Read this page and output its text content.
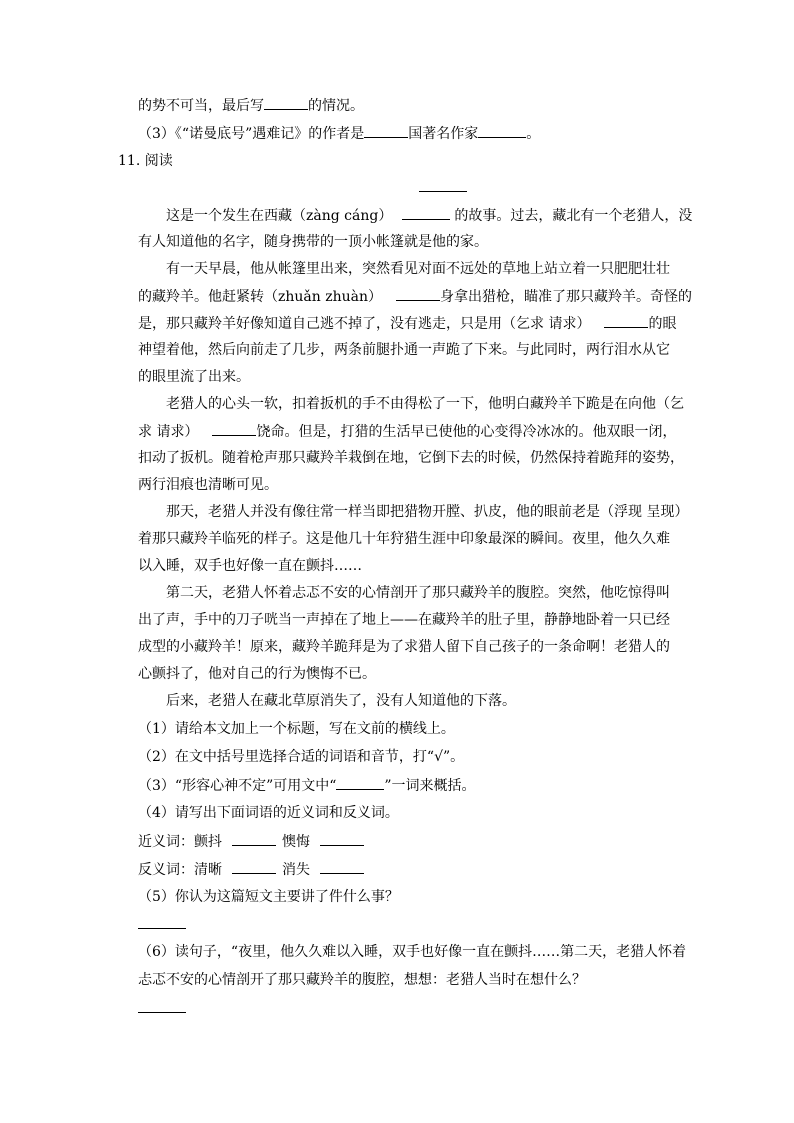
的势不可当，最后写	的情况。
（3）《“诺曼底号”遇难记》的作者是	国著名作家	。
11. 阅读
这是一个发生在西藏（zàng cáng）	的故事。过去，藏北有一个老猎人，没
有人知道他的名字，随身携带的一顶小帐篷就是他的家。
有一天早晨，他从帐篷里出来，突然看见对面不远处的草地上站立着一只肥肥壮壮
的藏羚羊。他赶紧转（zhuǎn zhuàn）	身拿出猎枪，瞄准了那只藏羚羊。奇怪的
是，那只藏羚羊好像知道自己逃不掉了，没有逃走，只是用（乞求 请求）	的眼
神望着他，然后向前走了几步，两条前腿扑通一声跪了下来。与此同时，两行泪水从它
的眼里流了出来。
老猎人的心头一软，扣着扳机的手不由得松了一下，他明白藏羚羊下跪是在向他（乞
求 请求）	饶命。但是，打猎的生活早已使他的心变得冷冰冰的。他双眼一闭，
扣动了扳机。随着枪声那只藏羚羊栽倒在地，它倒下去的时候，仍然保持着跪拜的姿势，
两行泪痕也清晰可见。
那天，老猎人并没有像往常一样当即把猎物开膛、扒皮，他的眼前老是（浮现 呈现）
着那只藏羚羊临死的样子。这是他几十年狩猎生涯中印象最深的瞬间。夜里，他久久难
以入睡，双手也好像一直在颤抖……
第二天，老猎人怀着忐忑不安的心情剖开了那只藏羚羊的腹腔。突然，他吃惊得叫
出了声，手中的刀子咣当一声掉在了地上——在藏羚羊的肚子里，静静地卧着一只已经
成型的小藏羚羊！原来，藏羚羊跪拜是为了求猎人留下自己孩子的一条命啊！老猎人的
心颤抖了，他对自己的行为懊悔不已。
后来，老猎人在藏北草原消失了，没有人知道他的下落。
（1）请给本文加上一个标题，写在文前的横线上。
（2）在文中括号里选择合适的词语和音节，打“√”。
（3）“形容心神不定”可用文中“	”一词来概括。
（4）请写出下面词语的近义词和反义词。
近义词：颤抖	懊悔
反义词：清晰	消失
（5）你认为这篇短文主要讲了件什么事？
（6）读句子，“夜里，他久久难以入睡，双手也好像一直在颤抖……第二天，老猎人怀着
忐忑不安的心情剖开了那只藏羚羊的腹腔，想想：老猎人当时在想什么？
